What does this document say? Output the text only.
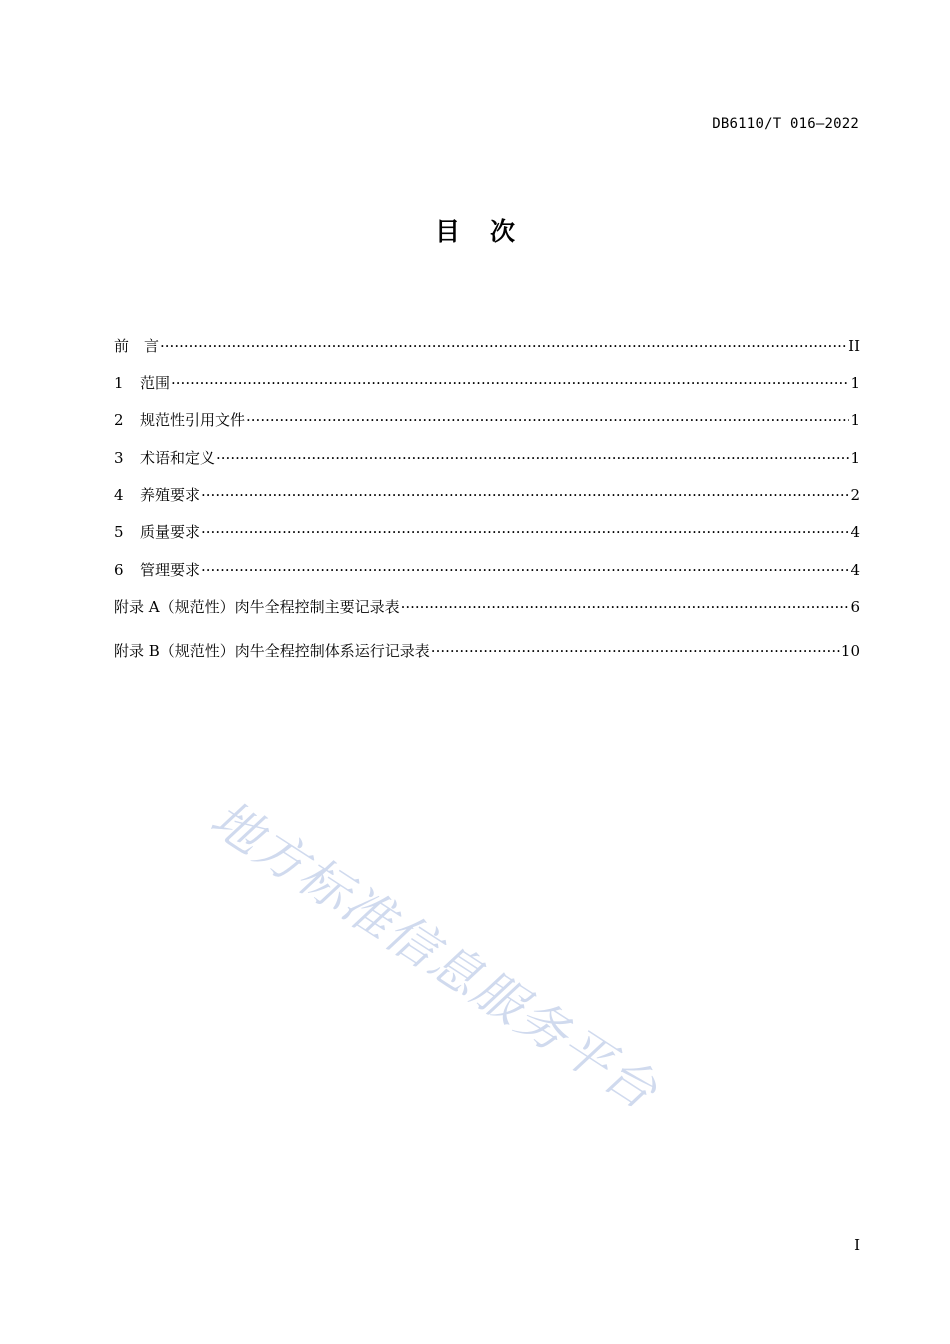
DB6110/T 016—2022
目次
前　言 ·····	II
1	范围 ·····	1
2	规范性引用文件 ·····	1
3	术语和定义 ·····	1
4	养殖要求 ·····	2
5	质量要求 ·····	4
6	管理要求 ·····	4
附录 A（规范性）肉牛全程控制主要记录表 ·····	6
附录 B（规范性）肉牛全程控制体系运行记录表 ·····	10
地方标准信息服务平台
I
